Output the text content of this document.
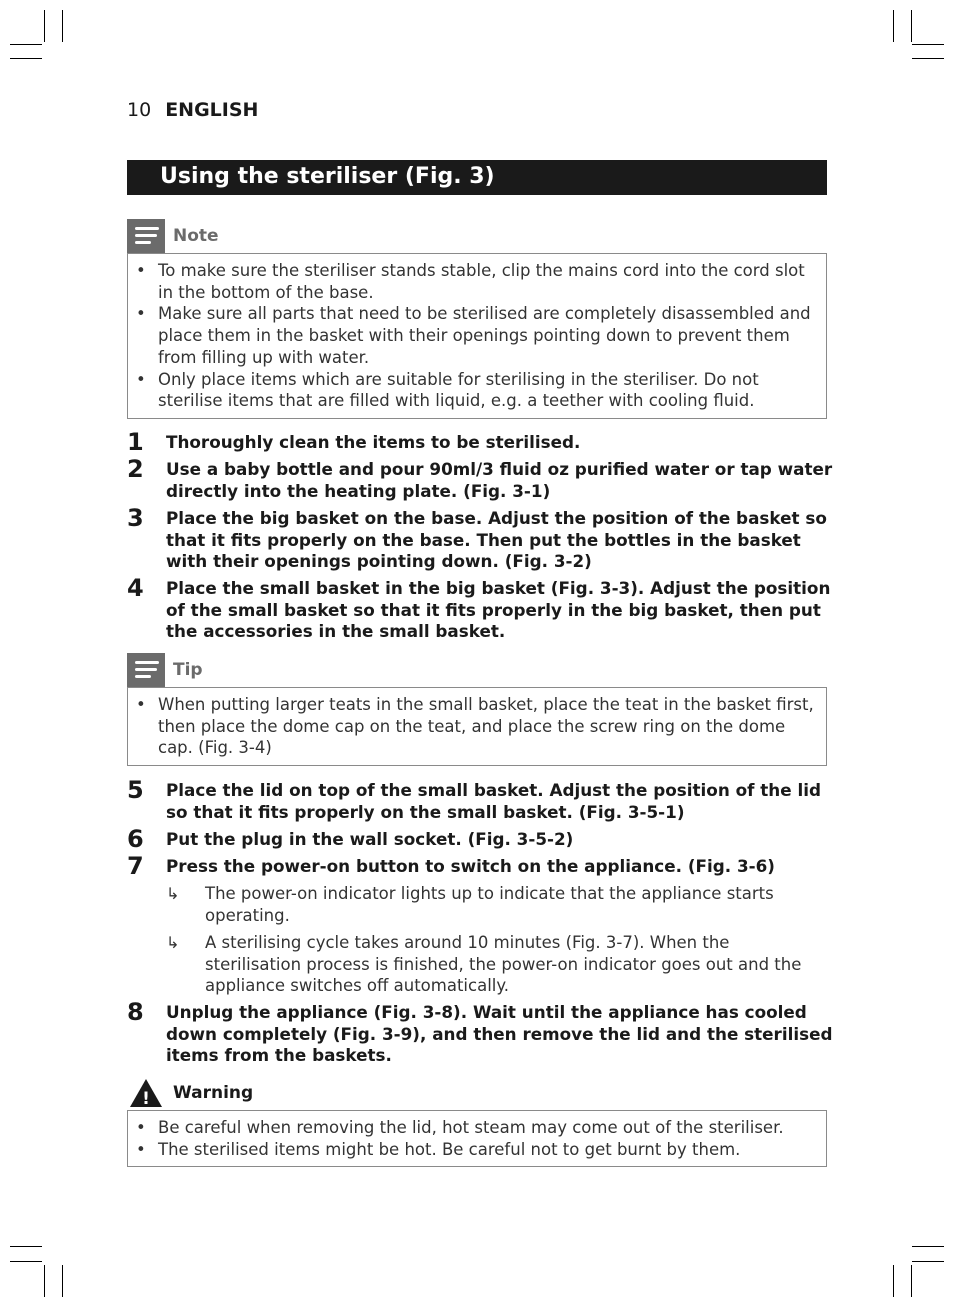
10 ENGLISH
Using the steriliser (Fig. 3)
Note
• To make sure the steriliser stands stable, clip the mains cord into the cord slot in the bottom of the base.
• Make sure all parts that need to be sterilised are completely disassembled and place them in the basket with their openings pointing down to prevent them from filling up with water.
• Only place items which are suitable for sterilising in the steriliser. Do not sterilise items that are filled with liquid, e.g. a teether with cooling fluid.
1 Thoroughly clean the items to be sterilised.
2 Use a baby bottle and pour 90ml/3 fluid oz purified water or tap water directly into the heating plate. (Fig. 3-1)
3 Place the big basket on the base. Adjust the position of the basket so that it fits properly on the base. Then put the bottles in the basket with their openings pointing down. (Fig. 3-2)
4 Place the small basket in the big basket (Fig. 3-3). Adjust the position of the small basket so that it fits properly in the big basket, then put the accessories in the small basket.
Tip
• When putting larger teats in the small basket, place the teat in the basket first, then place the dome cap on the teat, and place the screw ring on the dome cap. (Fig. 3-4)
5 Place the lid on top of the small basket. Adjust the position of the lid so that it fits properly on the small basket. (Fig. 3-5-1)
6 Put the plug in the wall socket. (Fig. 3-5-2)
7 Press the power-on button to switch on the appliance. (Fig. 3-6)
↳ The power-on indicator lights up to indicate that the appliance starts operating.
↳ A sterilising cycle takes around 10 minutes (Fig. 3-7). When the sterilisation process is finished, the power-on indicator goes out and the appliance switches off automatically.
8 Unplug the appliance (Fig. 3-8). Wait until the appliance has cooled down completely (Fig. 3-9), and then remove the lid and the sterilised items from the baskets.
! Warning
• Be careful when removing the lid, hot steam may come out of the steriliser.
• The sterilised items might be hot. Be careful not to get burnt by them.
